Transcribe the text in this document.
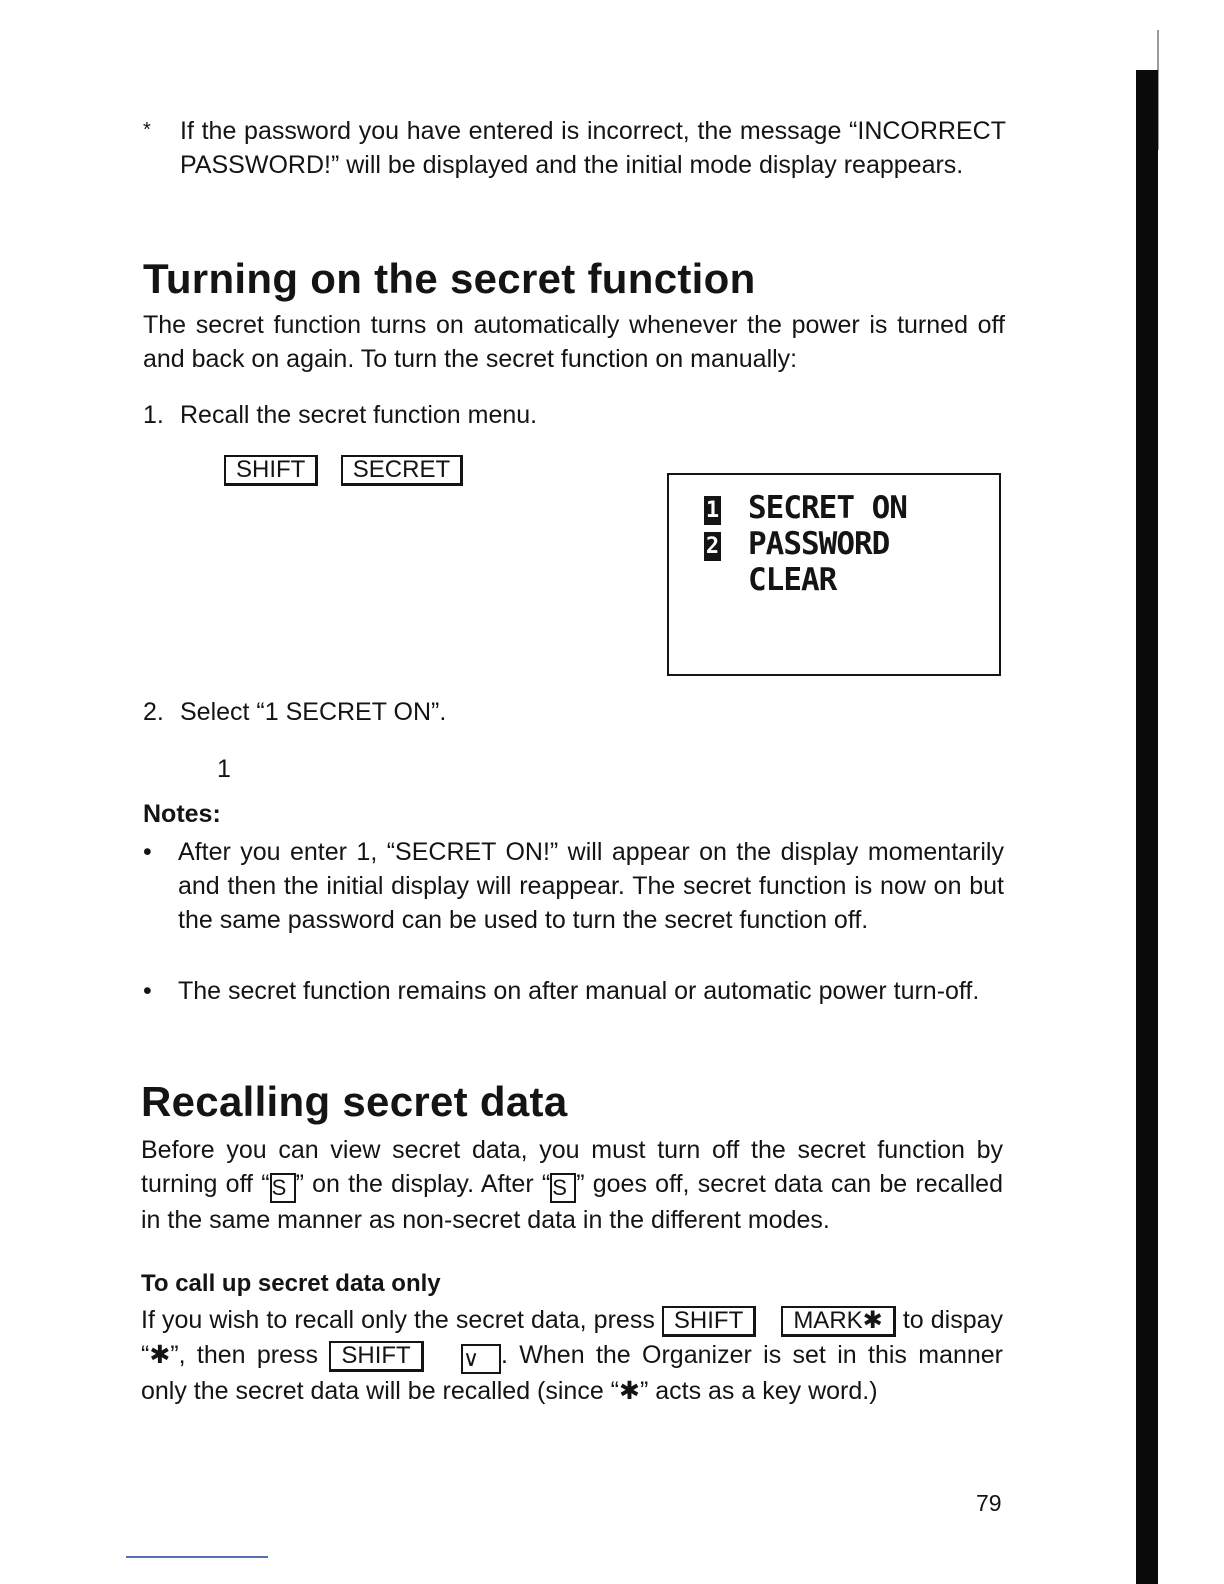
* If the password you have entered is incorrect, the message “INCORRECT PASSWORD!” will be displayed and the initial mode display reappears.
Turning on the secret function
The secret function turns on automatically whenever the power is turned off and back on again. To turn the secret function on manually:
1. Recall the secret function menu.
SHIFT SECRET
1 SECRET ON
2 PASSWORD
CLEAR
2. Select “1 SECRET ON”.
1
Notes:
• After you enter 1, “SECRET ON!” will appear on the display momentarily and then the initial display will reappear. The secret function is now on but the same password can be used to turn the secret function off.
• The secret function remains on after manual or automatic power turn-off.
Recalling secret data
Before you can view secret data, you must turn off the secret function by turning off “S ” on the display. After “S ” goes off, secret data can be recalled in the same manner as non-secret data in the different modes.
To call up secret data only
If you wish to recall only the secret data, press SHIFT MARK✱ to dispay “✱”, then press SHIFT ∨ . When the Organizer is set in this manner only the secret data will be recalled (since “✱” acts as a key word.)
79
